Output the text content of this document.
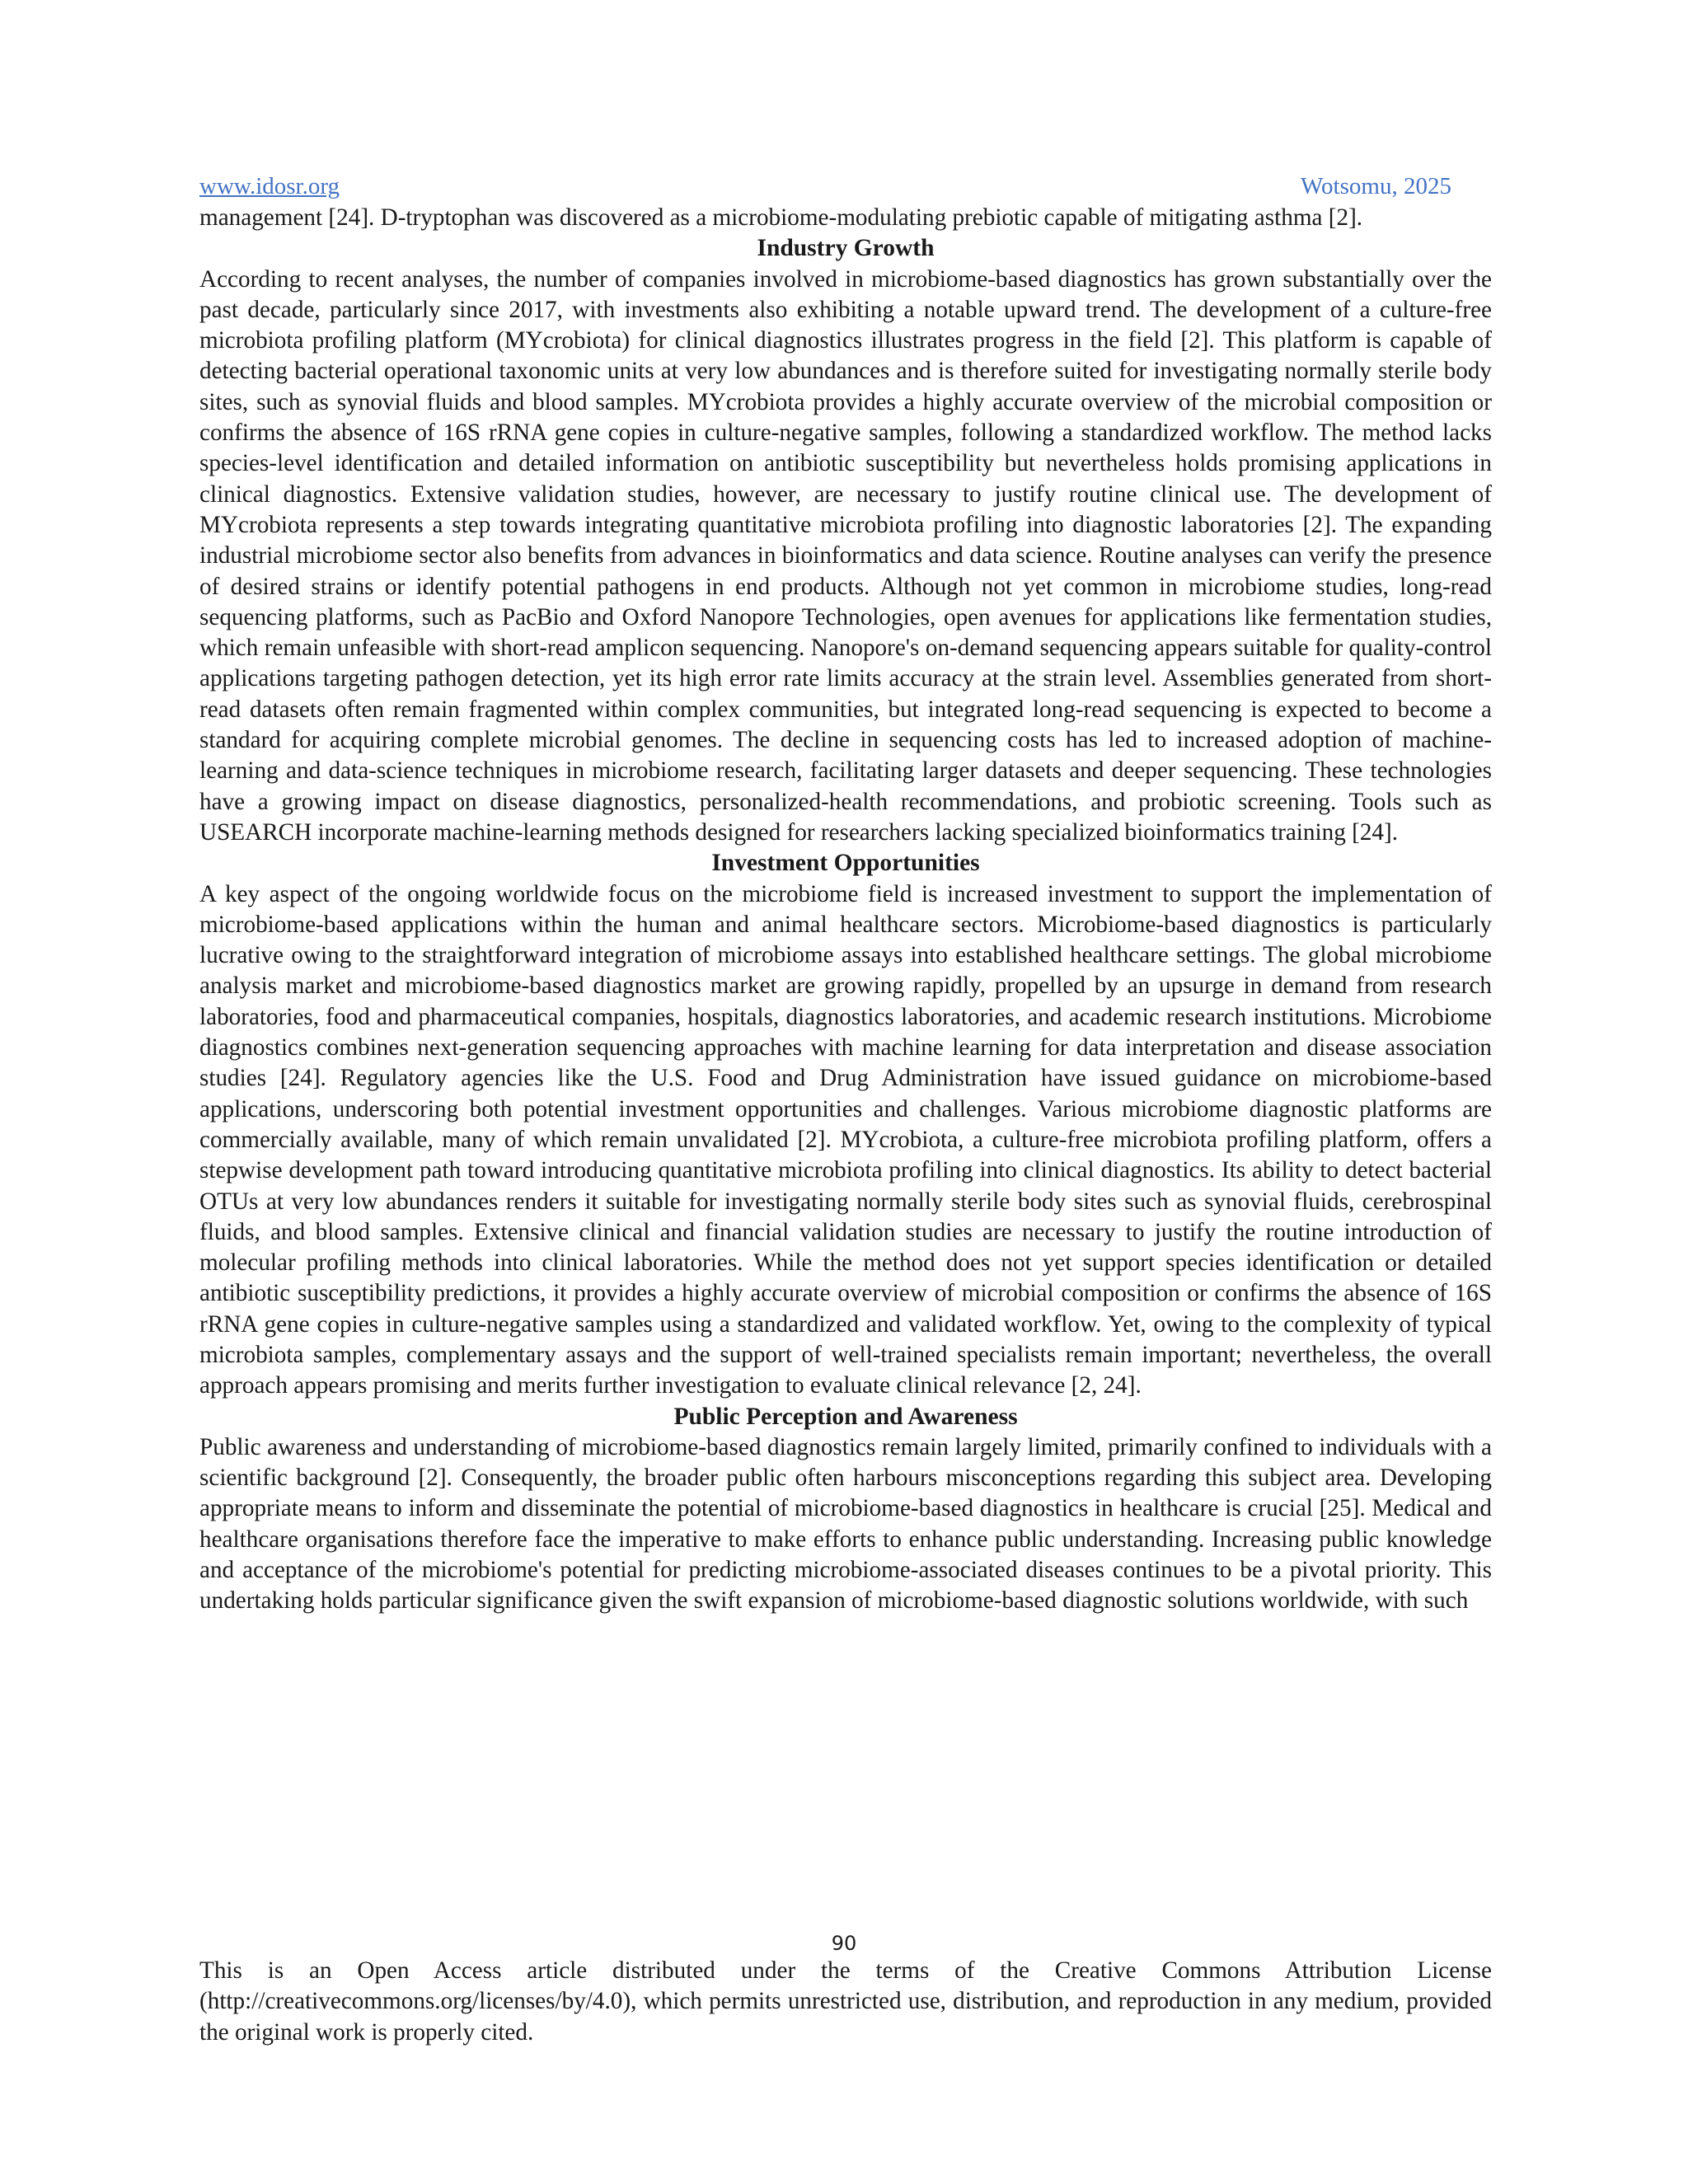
www.idosr.org	Wotsomu, 2025

management [24]. D-tryptophan was discovered as a microbiome-modulating prebiotic capable of mitigating asthma [2].

Industry Growth

According to recent analyses, the number of companies involved in microbiome-based diagnostics has grown substantially over the past decade, particularly since 2017, with investments also exhibiting a notable upward trend. The development of a culture-free microbiota profiling platform (MYcrobiota) for clinical diagnostics illustrates progress in the field [2]. This platform is capable of detecting bacterial operational taxonomic units at very low abundances and is therefore suited for investigating normally sterile body sites, such as synovial fluids and blood samples. MYcrobiota provides a highly accurate overview of the microbial composition or confirms the absence of 16S rRNA gene copies in culture-negative samples, following a standardized workflow. The method lacks species-level identification and detailed information on antibiotic susceptibility but nevertheless holds promising applications in clinical diagnostics. Extensive validation studies, however, are necessary to justify routine clinical use. The development of MYcrobiota represents a step towards integrating quantitative microbiota profiling into diagnostic laboratories [2]. The expanding industrial microbiome sector also benefits from advances in bioinformatics and data science. Routine analyses can verify the presence of desired strains or identify potential pathogens in end products. Although not yet common in microbiome studies, long-read sequencing platforms, such as PacBio and Oxford Nanopore Technologies, open avenues for applications like fermentation studies, which remain unfeasible with short-read amplicon sequencing. Nanopore's on-demand sequencing appears suitable for quality-control applications targeting pathogen detection, yet its high error rate limits accuracy at the strain level. Assemblies generated from short-read datasets often remain fragmented within complex communities, but integrated long-read sequencing is expected to become a standard for acquiring complete microbial genomes. The decline in sequencing costs has led to increased adoption of machine-learning and data-science techniques in microbiome research, facilitating larger datasets and deeper sequencing. These technologies have a growing impact on disease diagnostics, personalized-health recommendations, and probiotic screening. Tools such as USEARCH incorporate machine-learning methods designed for researchers lacking specialized bioinformatics training [24].

Investment Opportunities

A key aspect of the ongoing worldwide focus on the microbiome field is increased investment to support the implementation of microbiome-based applications within the human and animal healthcare sectors. Microbiome-based diagnostics is particularly lucrative owing to the straightforward integration of microbiome assays into established healthcare settings. The global microbiome analysis market and microbiome-based diagnostics market are growing rapidly, propelled by an upsurge in demand from research laboratories, food and pharmaceutical companies, hospitals, diagnostics laboratories, and academic research institutions. Microbiome diagnostics combines next-generation sequencing approaches with machine learning for data interpretation and disease association studies [24]. Regulatory agencies like the U.S. Food and Drug Administration have issued guidance on microbiome-based applications, underscoring both potential investment opportunities and challenges. Various microbiome diagnostic platforms are commercially available, many of which remain unvalidated [2]. MYcrobiota, a culture-free microbiota profiling platform, offers a stepwise development path toward introducing quantitative microbiota profiling into clinical diagnostics. Its ability to detect bacterial OTUs at very low abundances renders it suitable for investigating normally sterile body sites such as synovial fluids, cerebrospinal fluids, and blood samples. Extensive clinical and financial validation studies are necessary to justify the routine introduction of molecular profiling methods into clinical laboratories. While the method does not yet support species identification or detailed antibiotic susceptibility predictions, it provides a highly accurate overview of microbial composition or confirms the absence of 16S rRNA gene copies in culture-negative samples using a standardized and validated workflow. Yet, owing to the complexity of typical microbiota samples, complementary assays and the support of well-trained specialists remain important; nevertheless, the overall approach appears promising and merits further investigation to evaluate clinical relevance [2, 24].

Public Perception and Awareness

Public awareness and understanding of microbiome-based diagnostics remain largely limited, primarily confined to individuals with a scientific background [2]. Consequently, the broader public often harbours misconceptions regarding this subject area. Developing appropriate means to inform and disseminate the potential of microbiome-based diagnostics in healthcare is crucial [25]. Medical and healthcare organisations therefore face the imperative to make efforts to enhance public understanding. Increasing public knowledge and acceptance of the microbiome's potential for predicting microbiome-associated diseases continues to be a pivotal priority. This undertaking holds particular significance given the swift expansion of microbiome-based diagnostic solutions worldwide, with such

90

This is an Open Access article distributed under the terms of the Creative Commons Attribution License (http://creativecommons.org/licenses/by/4.0), which permits unrestricted use, distribution, and reproduction in any medium, provided the original work is properly cited.
